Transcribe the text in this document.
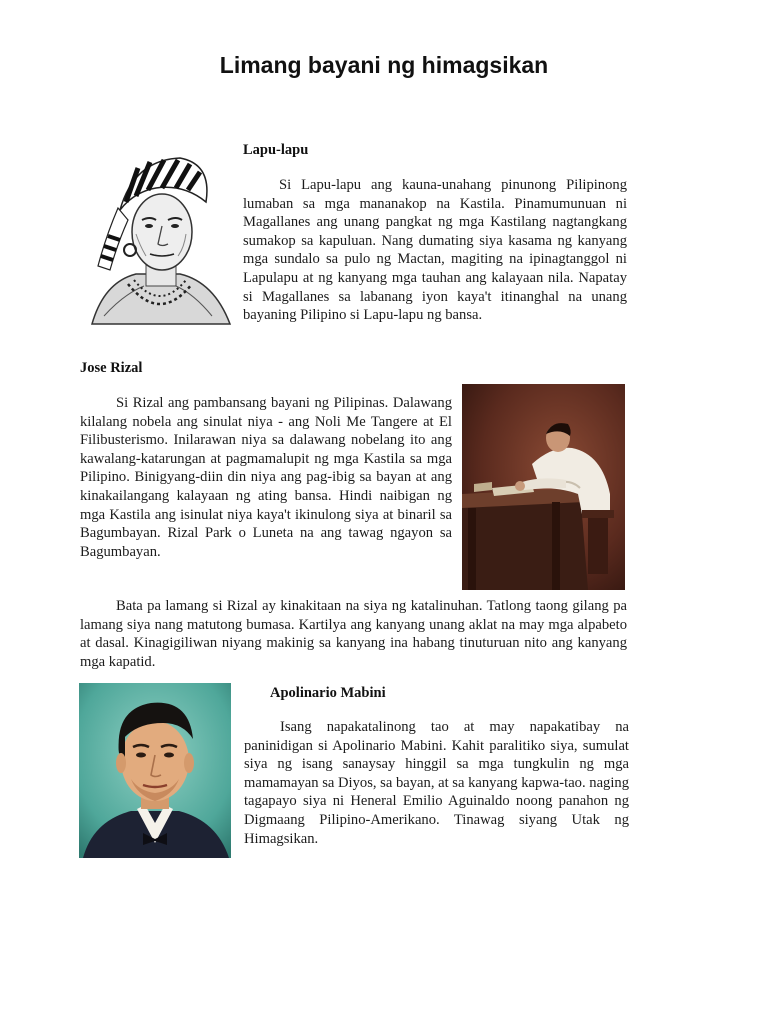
Limang bayani ng himagsikan
Lapu-lapu
Si Lapu-lapu ang kauna-unahang pinunong Pilipinong lumaban sa mga mananakop na Kastila. Pinamumunuan ni Magallanes ang unang pangkat ng mga Kastilang nagtangkang sumakop sa kapuluan. Nang dumating siya kasama ng kanyang mga sundalo sa pulo ng Mactan, magiting na ipinagtanggol ni Lapulapu at ng kanyang mga tauhan ang kalayaan nila. Napatay si Magallanes sa labanang iyon kaya't itinanghal na unang bayaning Pilipino si Lapu-lapu ng bansa.
Jose Rizal
Si Rizal ang pambansang bayani ng Pilipinas. Dalawang kilalang nobela ang sinulat niya - ang Noli Me Tangere at El Filibusterismo. Inilarawan niya sa dalawang nobelang ito ang kawalang-katarungan at pagmamalupit ng mga Kastila sa mga Pilipino. Binigyang-diin din niya ang pag-ibig sa bayan at ang kinakailangang kalayaan ng ating bansa. Hindi naibigan ng mga Kastila ang isinulat niya kaya't ikinulong siya at binaril sa Bagumbayan. Rizal Park o Luneta na ang tawag ngayon sa Bagumbayan.
Bata pa lamang si Rizal ay kinakitaan na siya ng katalinuhan. Tatlong taong gilang pa lamang siya nang matutong bumasa. Kartilya ang kanyang unang aklat na may mga alpabeto at dasal. Kinagigiliwan niyang makinig sa kanyang ina habang tinuturuan nito ang kanyang mga kapatid.
Apolinario Mabini
Isang napakatalinong tao at may napakatibay na paninidigan si Apolinario Mabini. Kahit paralitiko siya, sumulat siya ng isang sanaysay hinggil sa mga tungkulin ng mga mamamayan sa Diyos, sa bayan, at sa kanyang kapwa-tao. naging tagapayo siya ni Heneral Emilio Aguinaldo noong panahon ng Digmaang Pilipino-Amerikano. Tinawag siyang Utak ng Himagsikan.
